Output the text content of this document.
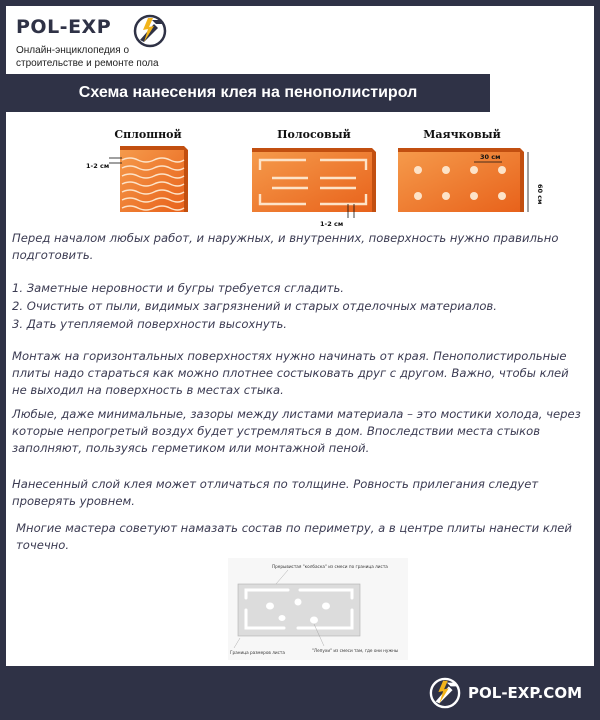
POL-EXP
Онлайн-энциклопедия о строительстве и ремонте пола
Схема нанесения клея на пенополистирол
Сплошной
1-2 см
Полосовый
1-2 см
Маячковый
30 см
60 см

Перед началом любых работ, и наружных, и внутренних, поверхность нужно правильно подготовить.

1. Заметные неровности и бугры требуется сгладить.

2. Очистить от пыли, видимых загрязнений и старых отделочных материалов.

3. Дать утепляемой поверхности высохнуть.

Монтаж на горизонтальных поверхностях нужно начинать от края. Пенополистирольные плиты надо стараться как можно плотнее состыковать друг с другом. Важно, чтобы клей не выходил на поверхность в местах стыка.

Любые, даже минимальные, зазоры между листами материала – это мостики холода, через которые непрогретый воздух будет устремляться в дом. Впоследствии места стыков заполняют, пользуясь герметиком или монтажной пеной.

Нанесенный слой клея может отличаться по толщине. Ровность прилегания следует проверять уровнем.

Многие мастера советуют намазать состав по периметру, а в центре плиты нанести клей точечно.

Прерывистая "колбаска" из смеси по граница листа
Граница размеров листа	"Лепухи" из смеси там, где они нужны
POL-EXP.COM
